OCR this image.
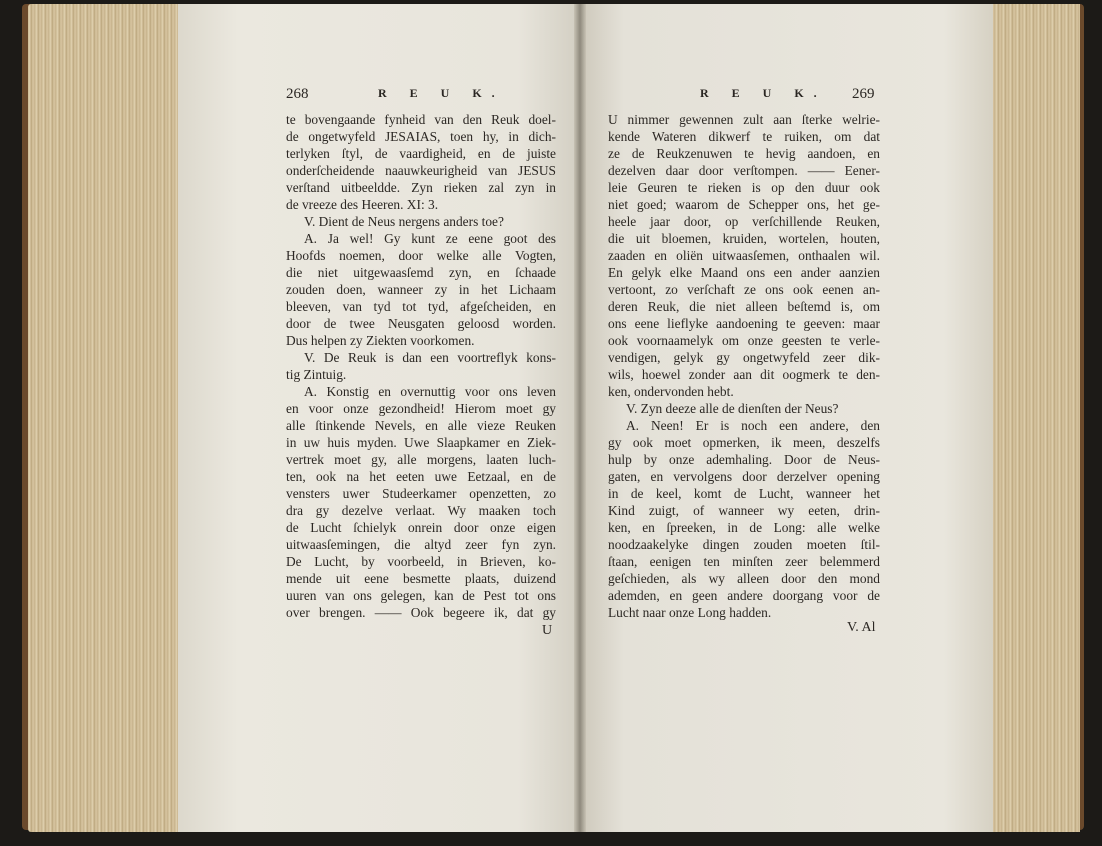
268	R E U K.	R E U K. 269
te bovengaande fynheid van den Reuk doel-
de ongetwyfeld JESAIAS, toen hy, in dich-
terlyken ſtyl, de vaardigheid, en de juiste
onderſcheidende naauwkeurigheid van JESUS
verſtand uitbeeldde. Zyn rieken zal zyn in
de vreeze des Heeren. XI: 3.
V. Dient de Neus nergens anders toe?
A. Ja wel! Gy kunt ze eene goot des
Hoofds noemen, door welke alle Vogten,
die niet uitgewaasſemd zyn, en ſchaade
zouden doen, wanneer zy in het Lichaam
bleeven, van tyd tot tyd, afgeſcheiden, en
door de twee Neusgaten geloosd worden.
Dus helpen zy Ziekten voorkomen.
V. De Reuk is dan een voortreflyk kons-
tig Zintuig.
A. Konstig en overnuttig voor ons leven
en voor onze gezondheid! Hierom moet gy
alle ſtinkende Nevels, en alle vieze Reuken
in uw huis myden. Uwe Slaapkamer en Ziek-
vertrek moet gy, alle morgens, laaten luch-
ten, ook na het eeten uwe Eetzaal, en de
vensters uwer Studeerkamer openzetten, zo
dra gy dezelve verlaat. Wy maaken toch
de Lucht ſchielyk onrein door onze eigen
uitwaasſemingen, die altyd zeer fyn zyn.
De Lucht, by voorbeeld, in Brieven, ko-
mende uit eene besmette plaats, duizend
uuren van ons gelegen, kan de Pest tot ons
over brengen. —— Ook begeere ik, dat gy
U nimmer gewennen zult aan ſterke welrie-
kende Wateren dikwerf te ruiken, om dat
ze de Reukzenuwen te hevig aandoen, en
dezelven daar door verſtompen. —— Eener-
leie Geuren te rieken is op den duur ook
niet goed; waarom de Schepper ons, het ge-
heele jaar door, op verſchillende Reuken,
die uit bloemen, kruiden, wortelen, houten,
zaaden en oliën uitwaasſemen, onthaalen wil.
En gelyk elke Maand ons een ander aanzien
vertoont, zo verſchaft ze ons ook eenen an-
deren Reuk, die niet alleen beſtemd is, om
ons eene lieflyke aandoening te geeven: maar
ook voornaamelyk om onze geesten te verle-
vendigen, gelyk gy ongetwyfeld zeer dik-
wils, hoewel zonder aan dit oogmerk te den-
ken, ondervonden hebt.
V. Zyn deeze alle de dienſten der Neus?
A. Neen! Er is noch een andere, den
gy ook moet opmerken, ik meen, deszelfs
hulp by onze ademhaling. Door de Neus-
gaten, en vervolgens door derzelver opening
in de keel, komt de Lucht, wanneer het
Kind zuigt, of wanneer wy eeten, drin-
ken, en ſpreeken, in de Long: alle welke
noodzaakelyke dingen zouden moeten ſtil-
ſtaan, eenigen ten minſten zeer belemmerd
geſchieden, als wy alleen door den mond
ademden, en geen andere doorgang voor de
Lucht naar onze Long hadden.
U	V. Al
